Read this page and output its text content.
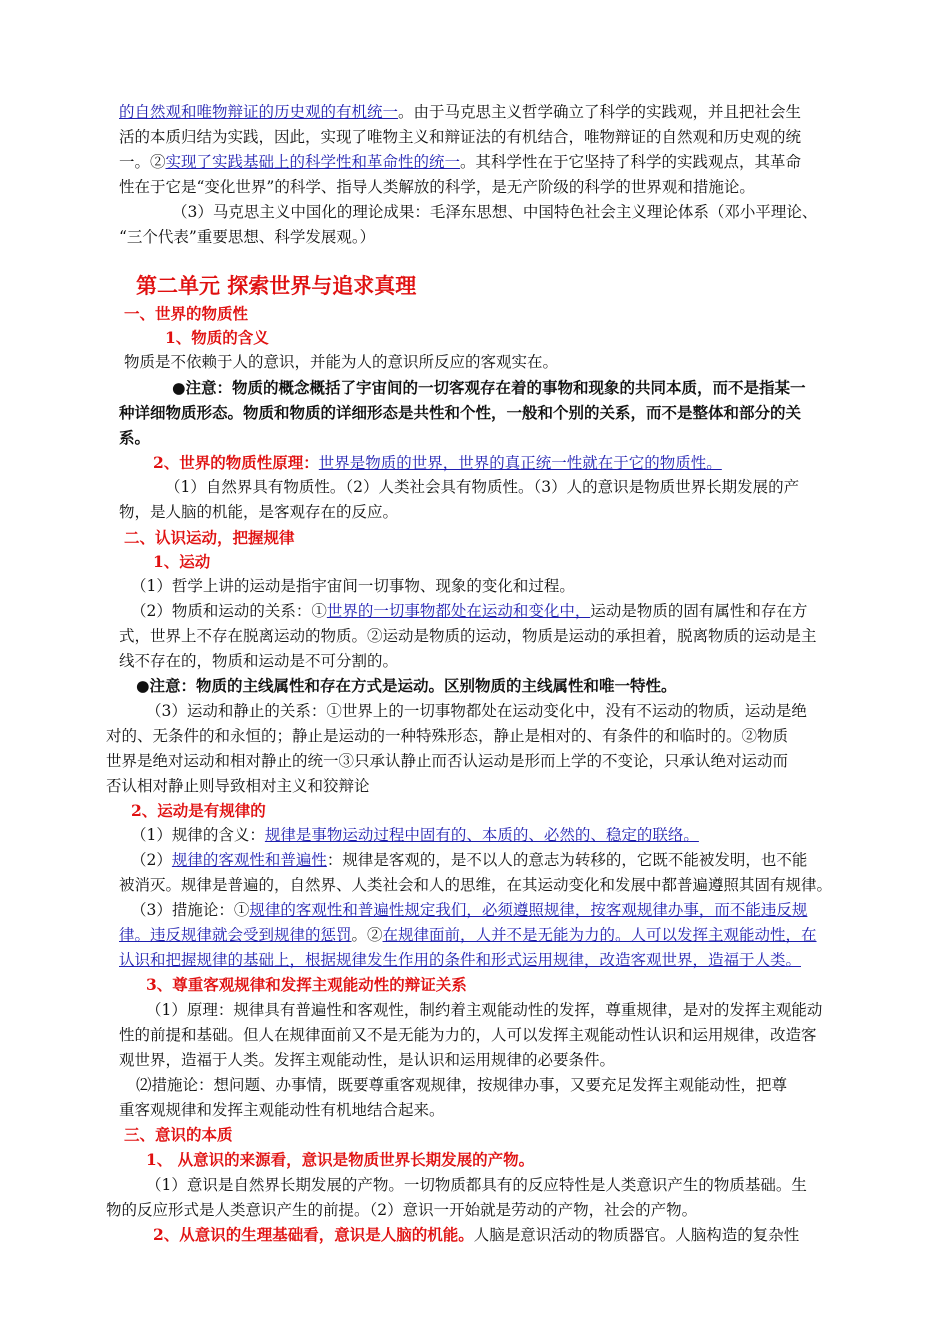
的自然观和唯物辩证的历史观的有机统一。由于马克思主义哲学确立了科学的实践观，并且把社会生
活的本质归结为实践，因此，实现了唯物主义和辩证法的有机结合，唯物辩证的自然观和历史观的统
一。②实现了实践基础上的科学性和革命性的统一。其科学性在于它坚持了科学的实践观点，其革命
性在于它是“变化世界”的科学、指导人类解放的科学，是无产阶级的科学的世界观和措施论。
（3）马克思主义中国化的理论成果：毛泽东思想、中国特色社会主义理论体系（邓小平理论、
“三个代表”重要思想、科学发展观。）
第二单元 探索世界与追求真理
一、世界的物质性
1、物质的含义
物质是不依赖于人的意识，并能为人的意识所反应的客观实在。
●注意：物质的概念概括了宇宙间的一切客观存在着的事物和现象的共同本质，而不是指某一
种详细物质形态。物质和物质的详细形态是共性和个性，一般和个别的关系，而不是整体和部分的关
系。
2、世界的物质性原理：世界是物质的世界，世界的真正统一性就在于它的物质性。
（1）自然界具有物质性。（2）人类社会具有物质性。（3）人的意识是物质世界长期发展的产
物，是人脑的机能，是客观存在的反应。
二、认识运动，把握规律
1、运动
（1）哲学上讲的运动是指宇宙间一切事物、现象的变化和过程。
（2）物质和运动的关系：①世界的一切事物都处在运动和变化中，运动是物质的固有属性和存在方
式，世界上不存在脱离运动的物质。②运动是物质的运动，物质是运动的承担着，脱离物质的运动是主
线不存在的，物质和运动是不可分割的。
●注意：物质的主线属性和存在方式是运动。区别物质的主线属性和唯一特性。
（3）运动和静止的关系：①世界上的一切事物都处在运动变化中，没有不运动的物质，运动是绝
对的、无条件的和永恒的；静止是运动的一种特殊形态，静止是相对的、有条件的和临时的。②物质
世界是绝对运动和相对静止的统一③只承认静止而否认运动是形而上学的不变论，只承认绝对运动而
否认相对静止则导致相对主义和狡辩论
2、运动是有规律的
（1）规律的含义：规律是事物运动过程中固有的、本质的、必然的、稳定的联络。
（2）规律的客观性和普遍性：规律是客观的，是不以人的意志为转移的，它既不能被发明，也不能
被消灭。规律是普遍的，自然界、人类社会和人的思维，在其运动变化和发展中都普遍遵照其固有规律。
（3）措施论：①规律的客观性和普遍性规定我们，必须遵照规律，按客观规律办事，而不能违反规
律。违反规律就会受到规律的惩罚。②在规律面前，人并不是无能为力的。人可以发挥主观能动性，在
认识和把握规律的基础上，根据规律发生作用的条件和形式运用规律，改造客观世界，造福于人类。
3、尊重客观规律和发挥主观能动性的辩证关系
（1）原理：规律具有普遍性和客观性，制约着主观能动性的发挥，尊重规律，是对的发挥主观能动
性的前提和基础。但人在规律面前又不是无能为力的，人可以发挥主观能动性认识和运用规律，改造客
观世界，造福于人类。发挥主观能动性，是认识和运用规律的必要条件。
⑵措施论：想问题、办事情，既要尊重客观规律，按规律办事，又要充足发挥主观能动性，把尊
重客观规律和发挥主观能动性有机地结合起来。
三、意识的本质
1、 从意识的来源看，意识是物质世界长期发展的产物。
（1）意识是自然界长期发展的产物。一切物质都具有的反应特性是人类意识产生的物质基础。生
物的反应形式是人类意识产生的前提。（2）意识一开始就是劳动的产物，社会的产物。
2、从意识的生理基础看，意识是人脑的机能。人脑是意识活动的物质器官。人脑构造的复杂性
